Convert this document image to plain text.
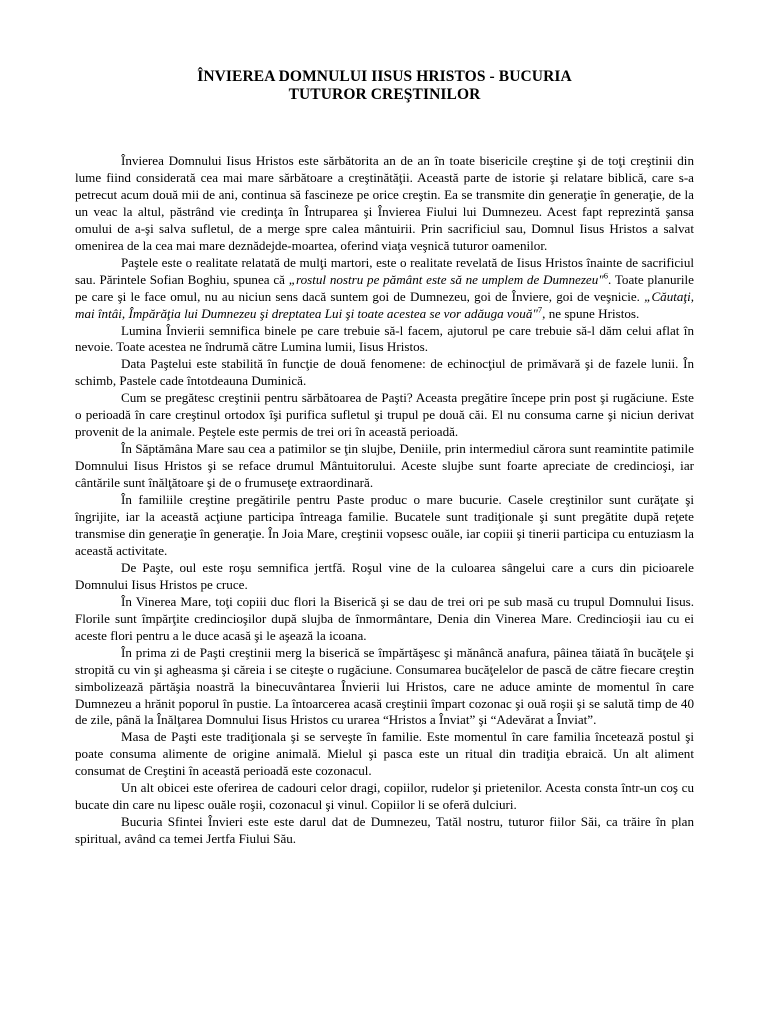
ÎNVIEREA DOMNULUI IISUS HRISTOS - BUCURIA
TUTUROR CREŞTINILOR

Învierea Domnului Iisus Hristos este sărbătorita an de an în toate bisericile creştine şi de toţi creştinii din lume fiind considerată cea mai mare sărbătoare a creştinătăţii. Această parte de istorie şi relatare biblică, care s-a petrecut acum două mii de ani, continua să fascineze pe orice creştin. Ea se transmite din generaţie în generaţie, de la un veac la altul, păstrând vie credinţa în Întruparea şi Învierea Fiului lui Dumnezeu. Acest fapt reprezintă şansa omului de a-şi salva sufletul, de a merge spre calea mântuirii. Prin sacrificiul sau, Domnul Iisus Hristos a salvat omenirea de la cea mai mare deznădejde-moartea, oferind viaţa veşnică tuturor oamenilor.

Paştele este o realitate relatată de mulţi martori, este o realitate revelată de Iisus Hristos înainte de sacrificiul sau. Părintele Sofian Boghiu, spunea că „rostul nostru pe pământ este să ne umplem de Dumnezeu"$^6$. Toate planurile pe care şi le face omul, nu au niciun sens dacă suntem goi de Dumnezeu, goi de Înviere, goi de veşnicie. „Căutaţi, mai întâi, Împărăţia lui Dumnezeu şi dreptatea Lui şi toate acestea se vor adăuga vouă"$^7$, ne spune Hristos.

Lumina Învierii semnifica binele pe care trebuie să-l facem, ajutorul pe care trebuie să-l dăm celui aflat în nevoie. Toate acestea ne îndrumă către Lumina lumii, Iisus Hristos.

Data Paştelui este stabilită în funcţie de două fenomene: de echinocţiul de primăvară şi de fazele lunii. În schimb, Pastele cade întotdeauna Duminică.

Cum se pregătesc creştinii pentru sărbătoarea de Paşti? Aceasta pregătire începe prin post şi rugăciune. Este o perioadă în care creştinul ortodox îşi purifica sufletul şi trupul pe două căi. El nu consuma carne şi niciun derivat provenit de la animale. Peştele este permis de trei ori în această perioadă.

În Săptămâna Mare sau cea a patimilor se ţin slujbe, Deniile, prin intermediul cărora sunt reamintite patimile Domnului Iisus Hristos şi se reface drumul Mântuitorului. Aceste slujbe sunt foarte apreciate de credincioşi, iar cântările sunt înălţătoare şi de o frumuseţe extraordinară.

În familiile creştine pregătirile pentru Paste produc o mare bucurie. Casele creştinilor sunt curăţate şi îngrijite, iar la această acţiune participa întreaga familie. Bucatele sunt tradiţionale şi sunt pregătite după reţete transmise din generaţie în generaţie. În Joia Mare, creştinii vopsesc ouăle, iar copiii şi tinerii participa cu entuziasm la această activitate.

De Paşte, oul este roşu semnifica jertfă. Roşul vine de la culoarea sângelui care a curs din picioarele Domnului Iisus Hristos pe cruce.

În Vinerea Mare, toţi copiii duc flori la Biserică şi se dau de trei ori pe sub masă cu trupul Domnului Iisus. Florile sunt împărţite credincioşilor după slujba de înmormântare, Denia din Vinerea Mare. Credincioşii iau cu ei aceste flori pentru a le duce acasă şi le aşează la icoana.

În prima zi de Paşti creştinii merg la biserică se împărtăşesc şi mănâncă anafura, pâinea tăiată în bucăţele şi stropită cu vin şi agheasma şi căreia i se citeşte o rugăciune. Consumarea bucăţelelor de pască de către fiecare creştin simbolizează părtăşia noastră la binecuvântarea Învierii lui Hristos, care ne aduce aminte de momentul în care Dumnezeu a hrănit poporul în pustie. La întoarcerea acasă creştinii împart cozonac şi ouă roşii şi se salută timp de 40 de zile, până la Înălţarea Domnului Iisus Hristos cu urarea “Hristos a Înviat” şi “Adevărat a Înviat”.

Masa de Paşti este tradiţionala şi se serveşte în familie. Este momentul în care familia încetează postul şi poate consuma alimente de origine animală. Mielul şi pasca este un ritual din tradiţia ebraică. Un alt aliment consumat de Creştini în această perioadă este cozonacul.

Un alt obicei este oferirea de cadouri celor dragi, copiilor, rudelor şi prietenilor. Acesta consta într-un coş cu bucate din care nu lipesc ouăle roşii, cozonacul şi vinul. Copiilor li se oferă dulciuri.

Bucuria Sfintei Învieri este este darul dat de Dumnezeu, Tatăl nostru, tuturor fiilor Săi, ca trăire în plan spiritual, având ca temei Jertfa Fiului Său.
